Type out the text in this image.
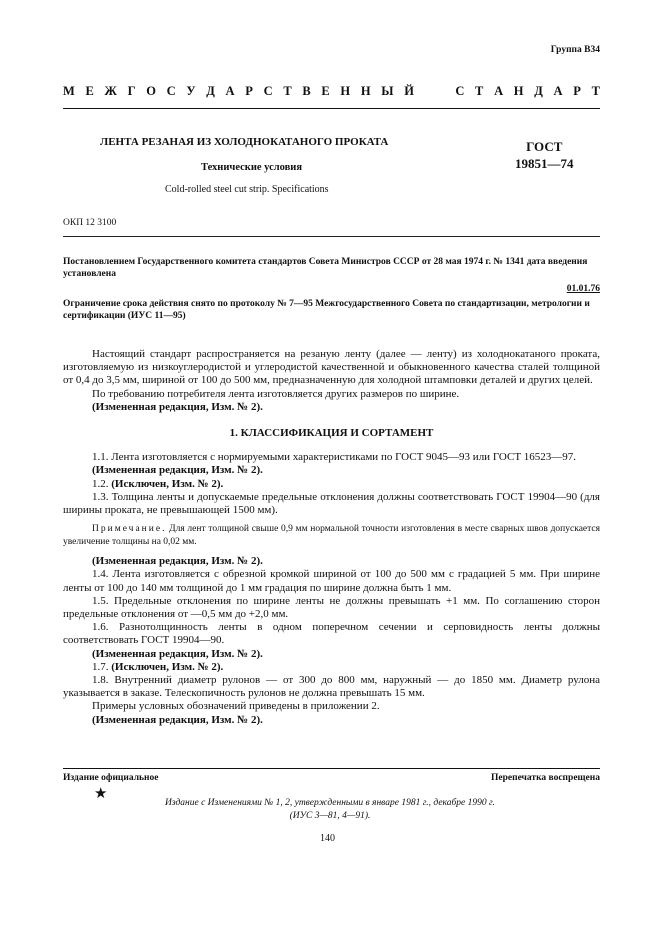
Группа В34
М Е Ж Г О С У Д А Р С Т В Е Н Н Ы Й	С Т А Н Д А Р Т
ЛЕНТА РЕЗАНАЯ ИЗ ХОЛОДНОКАТАНОГО ПРОКАТА
Технические условия
Cold-rolled steel cut strip. Specifications
ГОСТ
19851—74
ОКП 12 3100
Постановлением Государственного комитета стандартов Совета Министров СССР от 28 мая 1974 г. № 1341 дата введения установлена
01.01.76
Ограничение срока действия снято по протоколу № 7—95 Межгосударственного Совета по стандартизации, метрологии и сертификации (ИУС 11—95)

Настоящий стандарт распространяется на резаную ленту (далее — ленту) из холоднокатаного проката, изготовляемую из низкоуглеродистой и углеродистой качественной и обыкновенного качества сталей толщиной от 0,4 до 3,5 мм, шириной от 100 до 500 мм, предназначенную для холодной штамповки деталей и других целей.

По требованию потребителя лента изготовляется других размеров по ширине.

(Измененная редакция, Изм. № 2).

1. КЛАССИФИКАЦИЯ И СОРТАМЕНТ

1.1. Лента изготовляется с нормируемыми характеристиками по ГОСТ 9045—93 или ГОСТ 16523—97.

(Измененная редакция, Изм. № 2).

1.2. (Исключен, Изм. № 2).

1.3. Толщина ленты и допускаемые предельные отклонения должны соответствовать ГОСТ 19904—90 (для ширины проката, не превышающей 1500 мм).

Примечание. Для лент толщиной свыше 0,9 мм нормальной точности изготовления в месте сварных швов допускается увеличение толщины на 0,02 мм.

(Измененная редакция, Изм. № 2).

1.4. Лента изготовляется с обрезной кромкой шириной от 100 до 500 мм с градацией 5 мм. При ширине ленты от 100 до 140 мм толщиной до 1 мм градация по ширине должна быть 1 мм.

1.5. Предельные отклонения по ширине ленты не должны превышать +1 мм. По соглашению сторон предельные отклонения от —0,5 мм до +2,0 мм.

1.6. Разнотолщинность ленты в одном поперечном сечении и серповидность ленты должны соответствовать ГОСТ 19904—90.

(Измененная редакция, Изм. № 2).

1.7. (Исключен, Изм. № 2).

1.8. Внутренний диаметр рулонов — от 300 до 800 мм, наружный — до 1850 мм. Диаметр рулона указывается в заказе. Телескопичность рулонов не должна превышать 15 мм.

Примеры условных обозначений приведены в приложении 2.

(Измененная редакция, Изм. № 2).

Издание официальное	Перепечатка воспрещена
★
Издание с Изменениями № 1, 2, утвержденными в январе 1981 г., декабре 1990 г.
(ИУС 3—81, 4—91).
140
